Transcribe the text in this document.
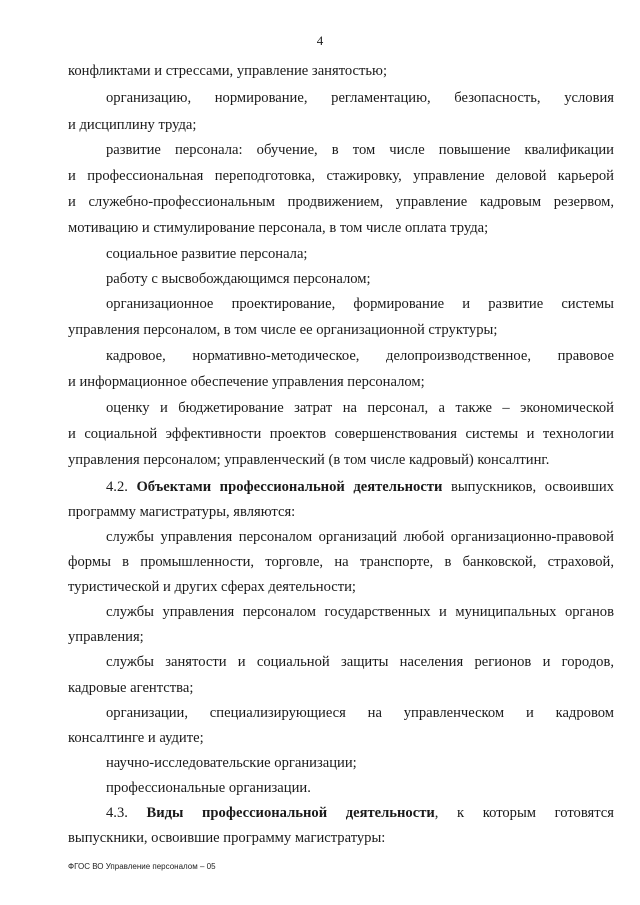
4
конфликтами и стрессами, управление занятостью;
организацию, нормирование, регламентацию, безопасность, условия
и дисциплину труда;
развитие персонала: обучение, в том числе повышение квалификации
и профессиональная переподготовка, стажировку, управление деловой карьерой
и служебно-профессиональным продвижением, управление кадровым резервом,
мотивацию и стимулирование персонала, в том числе оплата труда;
социальное развитие персонала;
работу с высвобождающимся персоналом;
организационное проектирование, формирование и развитие системы
управления персоналом, в том числе ее организационной структуры;
кадровое, нормативно-методическое, делопроизводственное, правовое
и информационное обеспечение управления персоналом;
оценку и бюджетирование затрат на персонал, а также – экономической
и социальной эффективности проектов совершенствования системы и технологии
управления персоналом; управленческий (в том числе кадровый) консалтинг.
4.2. Объектами профессиональной деятельности выпускников, освоивших
программу магистратуры, являются:
службы управления персоналом организаций любой организационно-правовой
формы в промышленности, торговле, на транспорте, в банковской, страховой,
туристической и других сферах деятельности;
службы управления персоналом государственных и муниципальных органов
управления;
службы занятости и социальной защиты населения регионов и городов,
кадровые агентства;
организации, специализирующиеся на управленческом и кадровом
консалтинге и аудите;
научно-исследовательские организации;
профессиональные организации.
4.3. Виды профессиональной деятельности, к которым готовятся
выпускники, освоившие программу магистратуры:
ФГОС ВО Управление персоналом – 05
